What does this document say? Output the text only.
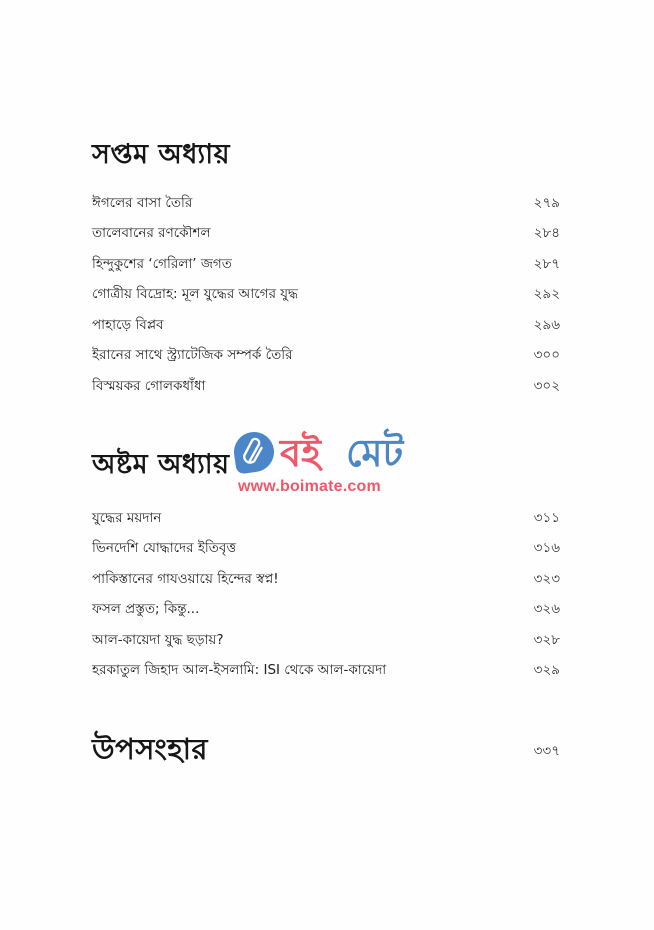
সপ্তম অধ্যায়
ঈগলের বাসা তৈরি	২৭৯
তালেবানের রণকৌশল	২৮৪
হিন্দুকুশের ‘গেরিলা’ জগত	২৮৭
গোত্রীয় বিদ্রোহ: মূল যুদ্ধের আগের যুদ্ধ	২৯২
পাহাড়ে বিপ্লব	২৯৬
ইরানের সাথে স্ট্র্যাটেজিক সম্পর্ক তৈরি	৩০০
বিস্ময়কর গোলকধাঁধা	৩০২
অষ্টম অধ্যায়
যুদ্ধের ময়দান	৩১১
ভিনদেশি যোদ্ধাদের ইতিবৃত্ত	৩১৬
পাকিস্তানের গাযওয়ায়ে হিন্দের স্বপ্ন!	৩২৩
ফসল প্রস্তুত; কিন্তু...	৩২৬
আল-কায়েদা যুদ্ধ ছড়ায়?	৩২৮
হরকাতুল জিহাদ আল-ইসলামি: ISI থেকে আল-কায়েদা	৩২৯
উপসংহার	৩৩৭
বই মেট
www.boimate.com
